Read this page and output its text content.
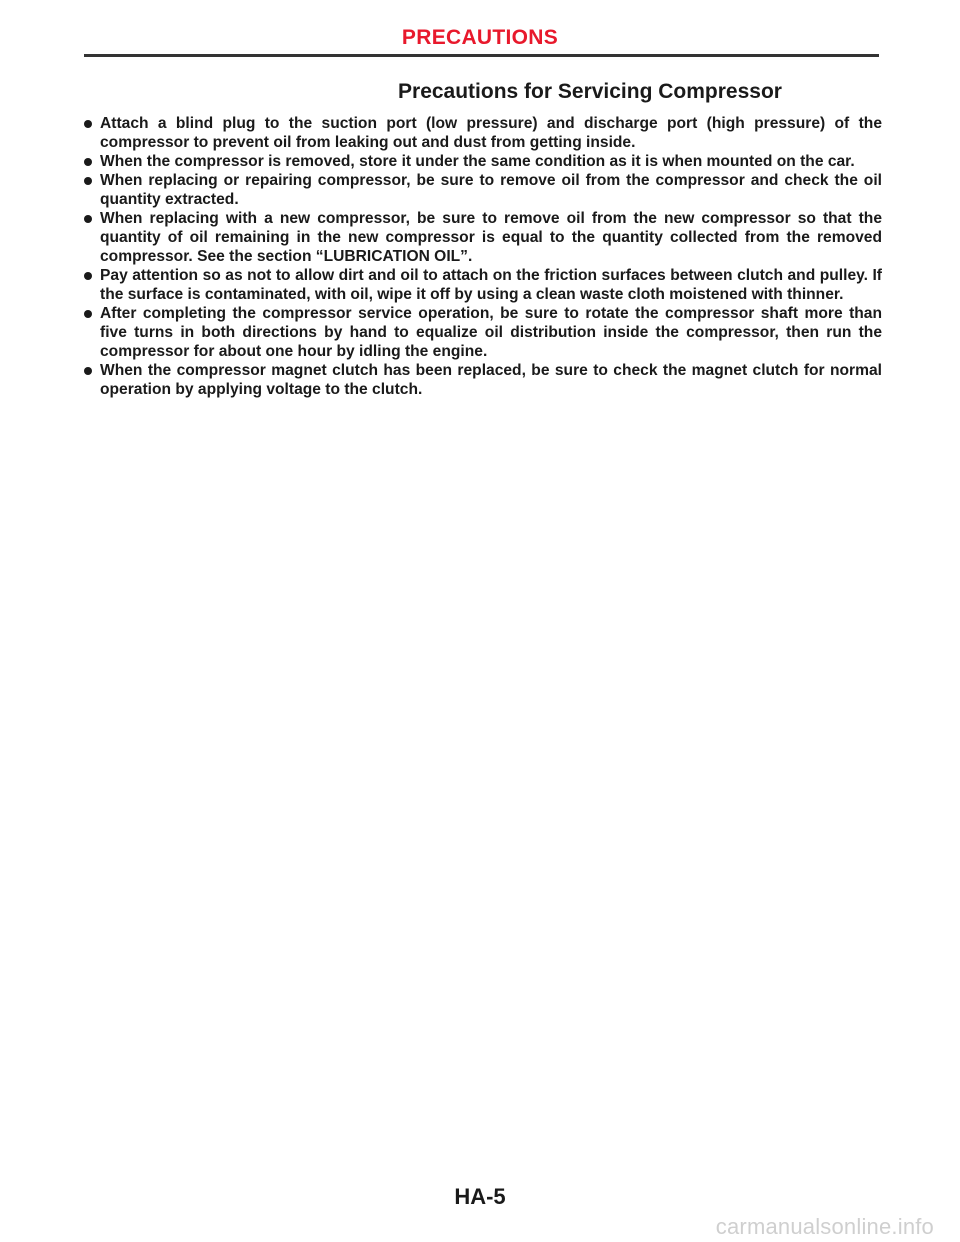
PRECAUTIONS
Precautions for Servicing Compressor
Attach a blind plug to the suction port (low pressure) and discharge port (high pressure) of the compressor to prevent oil from leaking out and dust from getting inside.
When the compressor is removed, store it under the same condition as it is when mounted on the car.
When replacing or repairing compressor, be sure to remove oil from the compressor and check the oil quantity extracted.
When replacing with a new compressor, be sure to remove oil from the new compressor so that the quantity of oil remaining in the new compressor is equal to the quantity collected from the removed compressor. See the section “LUBRICATION OIL”.
Pay attention so as not to allow dirt and oil to attach on the friction surfaces between clutch and pulley. If the surface is contaminated, with oil, wipe it off by using a clean waste cloth moistened with thinner.
After completing the compressor service operation, be sure to rotate the compressor shaft more than five turns in both directions by hand to equalize oil distribution inside the compressor, then run the compressor for about one hour by idling the engine.
When the compressor magnet clutch has been replaced, be sure to check the magnet clutch for normal operation by applying voltage to the clutch.
HA-5
carmanualsonline.info
